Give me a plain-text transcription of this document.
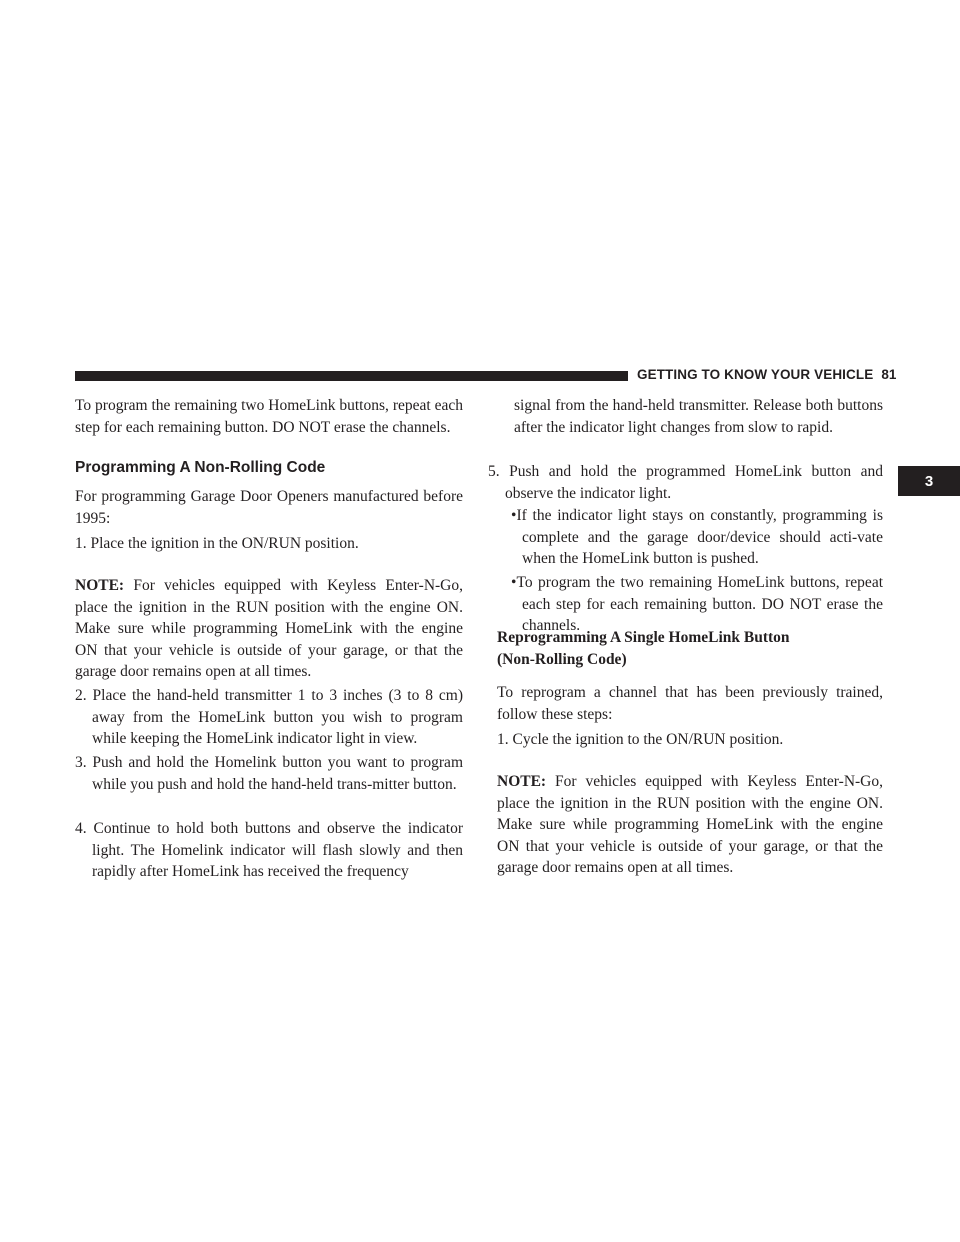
GETTING TO KNOW YOUR VEHICLE 81
3

To program the remaining two HomeLink buttons, repeat each step for each remaining button. DO NOT erase the channels.

Programming A Non-Rolling Code

For programming Garage Door Openers manufactured before 1995:

1. Place the ignition in the ON/RUN position.

NOTE: For vehicles equipped with Keyless Enter-N-Go, place the ignition in the RUN position with the engine ON. Make sure while programming HomeLink with the engine ON that your vehicle is outside of your garage, or that the garage door remains open at all times.

2. Place the hand-held transmitter 1 to 3 inches (3 to 8 cm) away from the HomeLink button you wish to program while keeping the HomeLink indicator light in view.

3. Push and hold the Homelink button you want to program while you push and hold the hand-held trans-mitter button.

4. Continue to hold both buttons and observe the indicator light. The Homelink indicator will flash slowly and then rapidly after HomeLink has received the frequency

signal from the hand-held transmitter. Release both buttons after the indicator light changes from slow to rapid.

5. Push and hold the programmed HomeLink button and observe the indicator light.

•If the indicator light stays on constantly, programming is complete and the garage door/device should acti-vate when the HomeLink button is pushed.

•To program the two remaining HomeLink buttons, repeat each step for each remaining button. DO NOT erase the channels.

Reprogramming A Single HomeLink Button
(Non-Rolling Code)

To reprogram a channel that has been previously trained, follow these steps:

1. Cycle the ignition to the ON/RUN position.

NOTE: For vehicles equipped with Keyless Enter-N-Go, place the ignition in the RUN position with the engine ON. Make sure while programming HomeLink with the engine ON that your vehicle is outside of your garage, or that the garage door remains open at all times.
